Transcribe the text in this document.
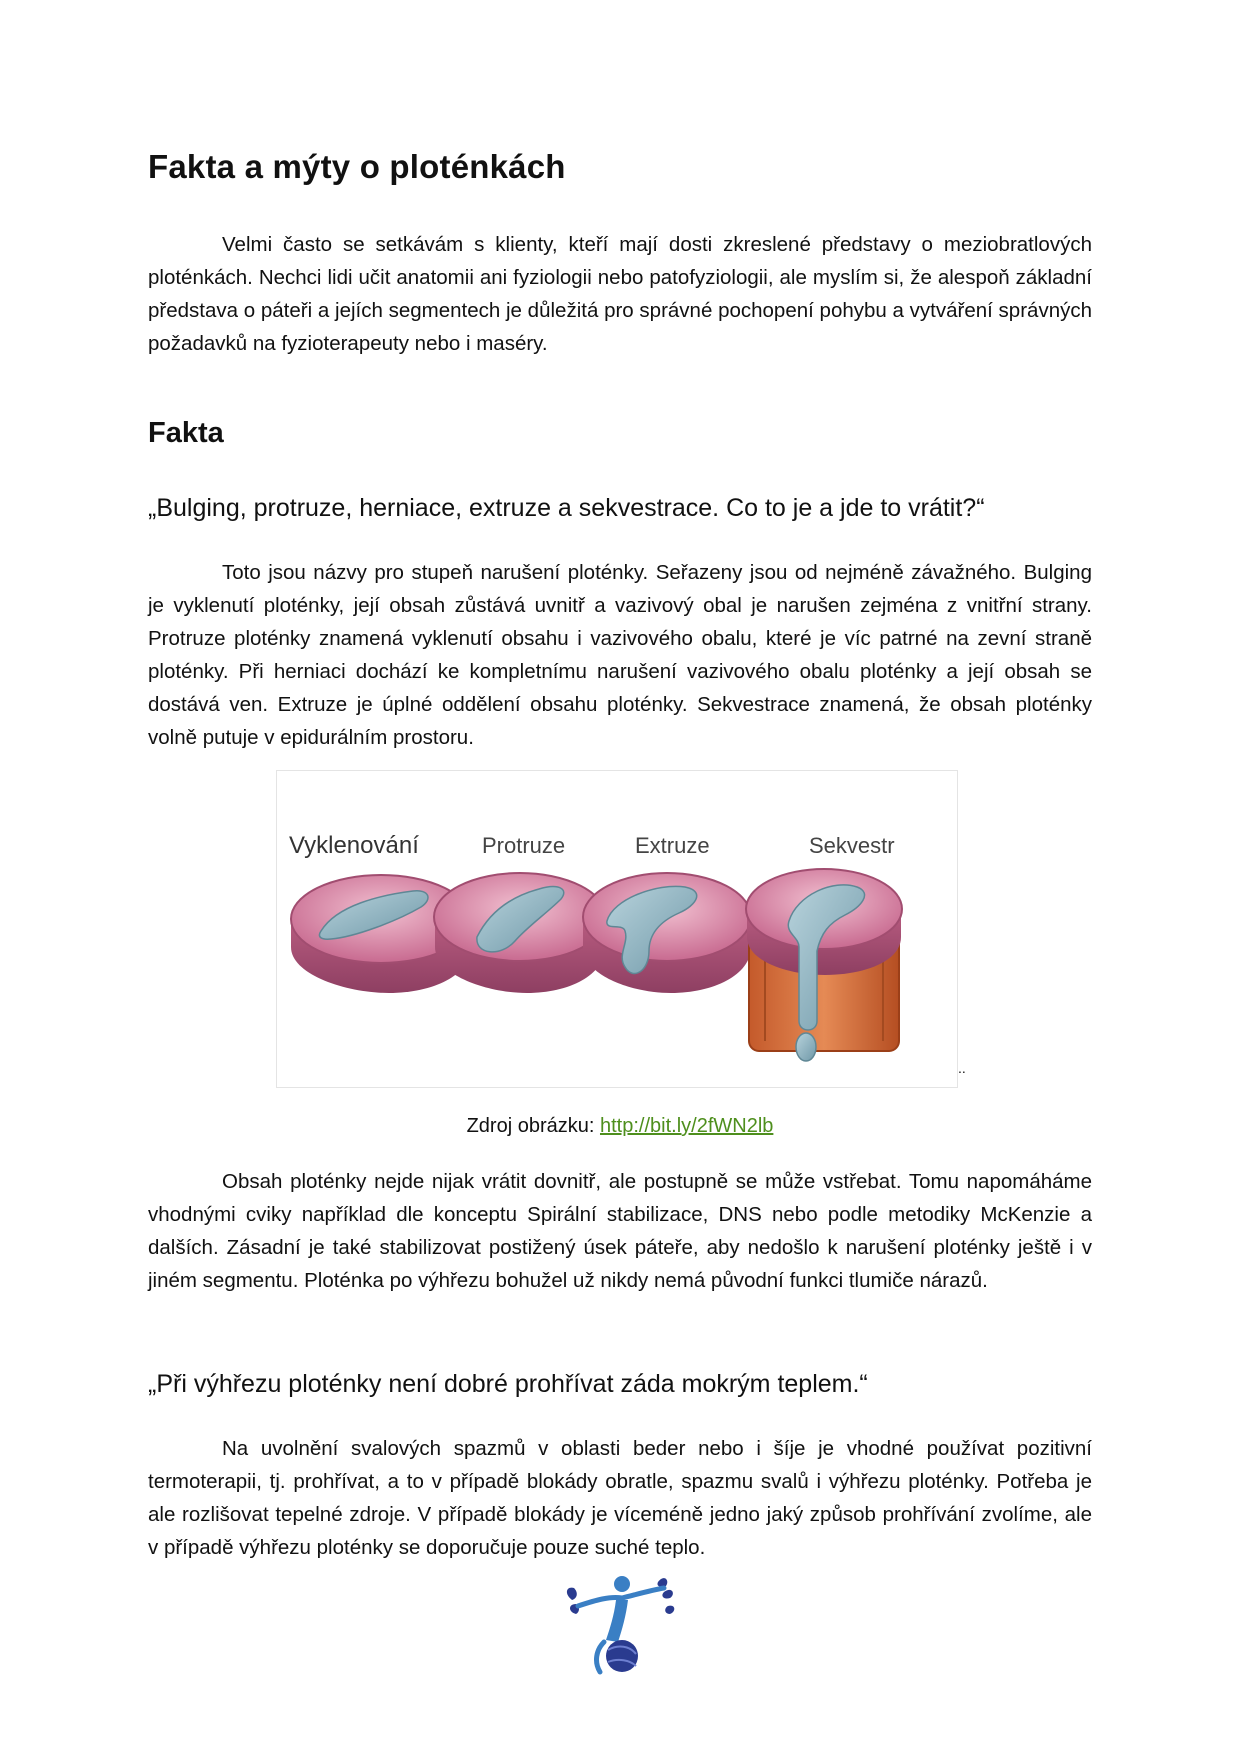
Fakta a mýty o ploténkách

Velmi často se setkávám s klienty, kteří mají dosti zkreslené představy o meziobratlových ploténkách. Nechci lidi učit anatomii ani fyziologii nebo patofyziologii, ale myslím si, že alespoň základní představa o páteři a jejích segmentech je důležitá pro správné pochopení pohybu a vytváření správných požadavků na fyzioterapeuty nebo i maséry.

Fakta

„Bulging, protruze, herniace, extruze a sekvestrace. Co to je a jde to vrátit?“

Toto jsou názvy pro stupeň narušení ploténky. Seřazeny jsou od nejméně závažného. Bulging je vyklenutí ploténky, její obsah zůstává uvnitř a vazivový obal je narušen zejména z vnitřní strany. Protruze ploténky znamená vyklenutí obsahu i vazivového obalu, které je víc patrné na zevní straně ploténky. Při herniaci dochází ke kompletnímu narušení vazivového obalu ploténky a její obsah se dostává ven. Extruze je úplné oddělení obsahu ploténky. Sekvestrace znamená, že obsah ploténky volně putuje v epidurálním prostoru.

Vyklenování	Protruze	Extruze	Sekvestr
..
Zdroj obrázku: http://bit.ly/2fWN2lb

Obsah ploténky nejde nijak vrátit dovnitř, ale postupně se může vstřebat. Tomu napomáháme vhodnými cviky například dle konceptu Spirální stabilizace, DNS nebo podle metodiky McKenzie a dalších. Zásadní je také stabilizovat postižený úsek páteře, aby nedošlo k narušení ploténky ještě i v jiném segmentu. Ploténka po výhřezu bohužel už nikdy nemá původní funkci tlumiče nárazů.

„Při výhřezu ploténky není dobré prohřívat záda mokrým teplem.“

Na uvolnění svalových spazmů v oblasti beder nebo i šíje je vhodné používat pozitivní termoterapii, tj. prohřívat, a to v případě blokády obratle, spazmu svalů i výhřezu ploténky. Potřeba je ale rozlišovat tepelné zdroje. V případě blokády je víceméně jedno jaký způsob prohřívání zvolíme, ale v případě výhřezu ploténky se doporučuje pouze suché teplo.
